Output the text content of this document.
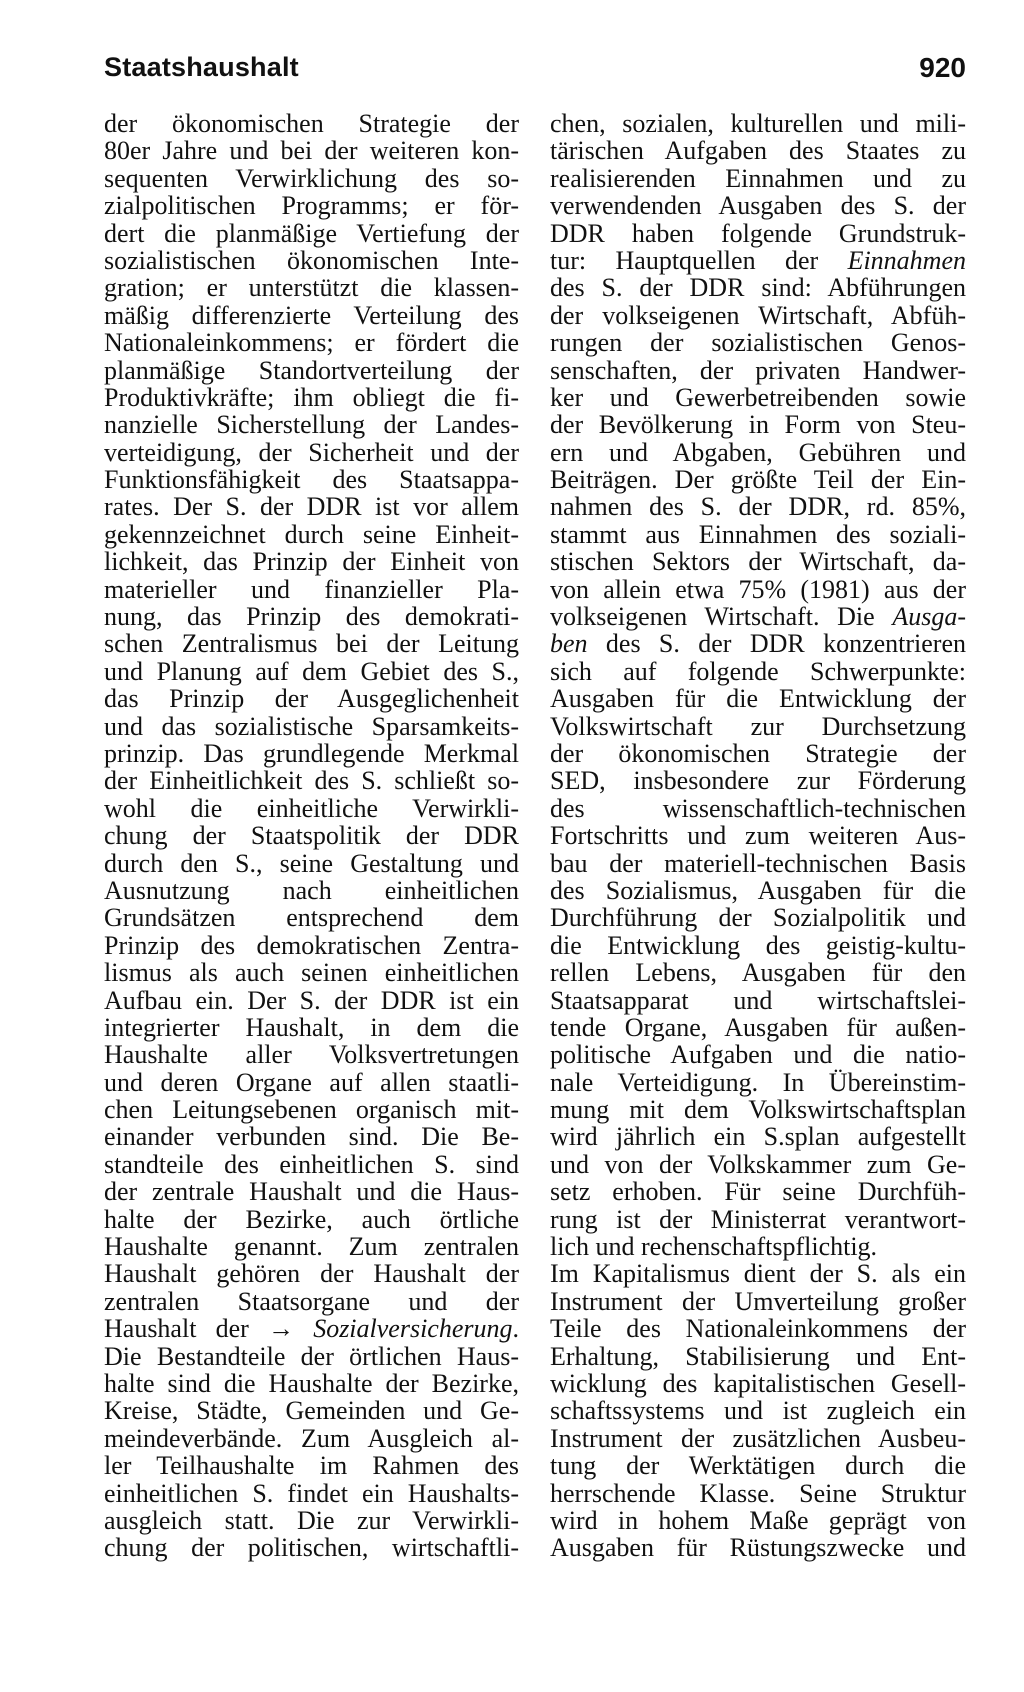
Staatshaushalt	920
der ökonomischen Strategie der
80er Jahre und bei der weiteren kon-
sequenten Verwirklichung des so-
zialpolitischen Programms; er för-
dert die planmäßige Vertiefung der
sozialistischen ökonomischen Inte-
gration; er unterstützt die klassen-
mäßig differenzierte Verteilung des
Nationaleinkommens; er fördert die
planmäßige Standortverteilung der
Produktivkräfte; ihm obliegt die fi-
nanzielle Sicherstellung der Landes-
verteidigung, der Sicherheit und der
Funktionsfähigkeit des Staatsappa-
rates. Der S. der DDR ist vor allem
gekennzeichnet durch seine Einheit-
lichkeit, das Prinzip der Einheit von
materieller und finanzieller Pla-
nung, das Prinzip des demokrati-
schen Zentralismus bei der Leitung
und Planung auf dem Gebiet des S.,
das Prinzip der Ausgeglichenheit
und das sozialistische Sparsamkeits-
prinzip. Das grundlegende Merkmal
der Einheitlichkeit des S. schließt so-
wohl die einheitliche Verwirkli-
chung der Staatspolitik der DDR
durch den S., seine Gestaltung und
Ausnutzung nach einheitlichen
Grundsätzen entsprechend dem
Prinzip des demokratischen Zentra-
lismus als auch seinen einheitlichen
Aufbau ein. Der S. der DDR ist ein
integrierter Haushalt, in dem die
Haushalte aller Volksvertretungen
und deren Organe auf allen staatli-
chen Leitungsebenen organisch mit-
einander verbunden sind. Die Be-
standteile des einheitlichen S. sind
der zentrale Haushalt und die Haus-
halte der Bezirke, auch örtliche
Haushalte genannt. Zum zentralen
Haushalt gehören der Haushalt der
zentralen Staatsorgane und der
Haushalt der → Sozialversicherung.
Die Bestandteile der örtlichen Haus-
halte sind die Haushalte der Bezirke,
Kreise, Städte, Gemeinden und Ge-
meindeverbände. Zum Ausgleich al-
ler Teilhaushalte im Rahmen des
einheitlichen S. findet ein Haushalts-
ausgleich statt. Die zur Verwirkli-
chung der politischen, wirtschaftli-
chen, sozialen, kulturellen und mili-
tärischen Aufgaben des Staates zu
realisierenden Einnahmen und zu
verwendenden Ausgaben des S. der
DDR haben folgende Grundstruk-
tur: Hauptquellen der Einnahmen
des S. der DDR sind: Abführungen
der volkseigenen Wirtschaft, Abfüh-
rungen der sozialistischen Genos-
senschaften, der privaten Handwer-
ker und Gewerbetreibenden sowie
der Bevölkerung in Form von Steu-
ern und Abgaben, Gebühren und
Beiträgen. Der größte Teil der Ein-
nahmen des S. der DDR, rd. 85%,
stammt aus Einnahmen des soziali-
stischen Sektors der Wirtschaft, da-
von allein etwa 75% (1981) aus der
volkseigenen Wirtschaft. Die Ausga-
ben des S. der DDR konzentrieren
sich auf folgende Schwerpunkte:
Ausgaben für die Entwicklung der
Volkswirtschaft zur Durchsetzung
der ökonomischen Strategie der
SED, insbesondere zur Förderung
des wissenschaftlich-technischen
Fortschritts und zum weiteren Aus-
bau der materiell-technischen Basis
des Sozialismus, Ausgaben für die
Durchführung der Sozialpolitik und
die Entwicklung des geistig-kultu-
rellen Lebens, Ausgaben für den
Staatsapparat und wirtschaftslei-
tende Organe, Ausgaben für außen-
politische Aufgaben und die natio-
nale Verteidigung. In Übereinstim-
mung mit dem Volkswirtschaftsplan
wird jährlich ein S.splan aufgestellt
und von der Volkskammer zum Ge-
setz erhoben. Für seine Durchfüh-
rung ist der Ministerrat verantwort-
lich und rechenschaftspflichtig.
Im Kapitalismus dient der S. als ein
Instrument der Umverteilung großer
Teile des Nationaleinkommens der
Erhaltung, Stabilisierung und Ent-
wicklung des kapitalistischen Gesell-
schaftssystems und ist zugleich ein
Instrument der zusätzlichen Ausbeu-
tung der Werktätigen durch die
herrschende Klasse. Seine Struktur
wird in hohem Maße geprägt von
Ausgaben für Rüstungszwecke und
